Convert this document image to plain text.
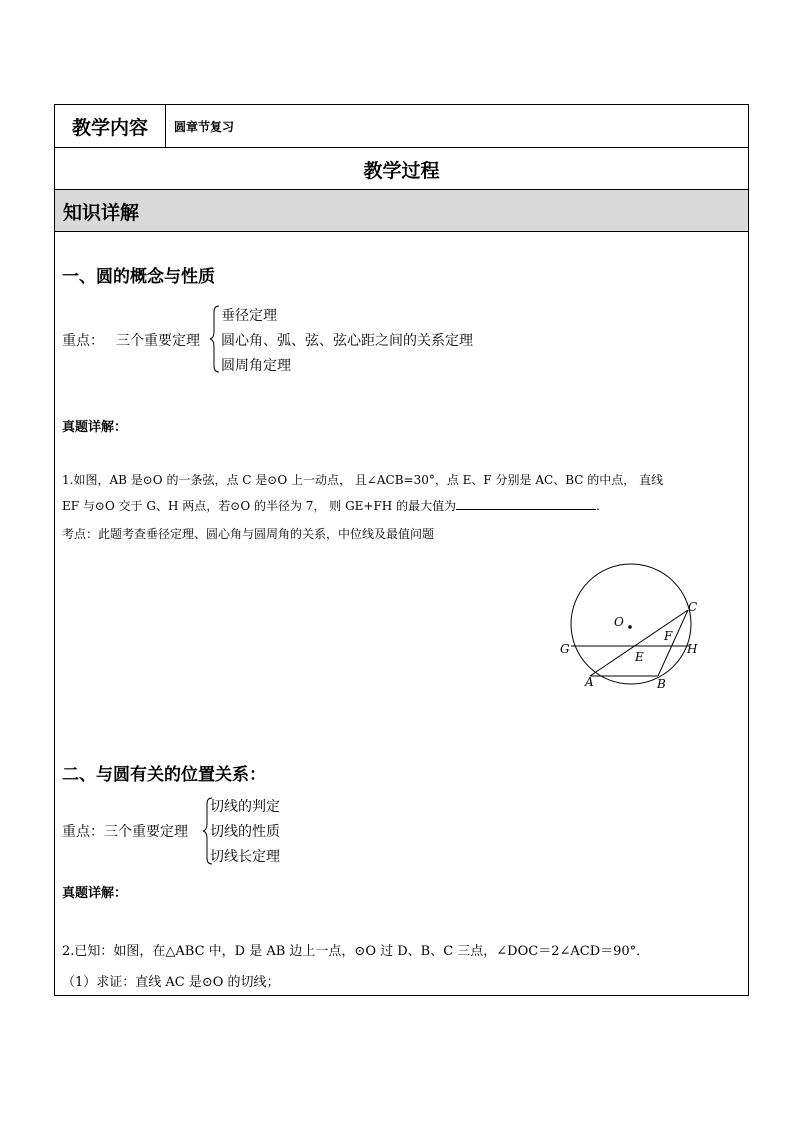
教学内容	圆章节复习
教学过程
知识详解
一、圆的概念与性质
重点： 三个重要定理
垂径定理
圆心角、弧、弦、弦心距之间的关系定理
圆周角定理
真题详解：
1.如图，AB 是⊙O 的一条弦，点 C 是⊙O 上一动点， 且∠ACB=30°，点 E、F 分别是 AC、BC 的中点， 直线
EF 与⊙O 交于 G、H 两点，若⊙O 的半径为 7， 则 GE+FH 的最大值为	.
考点：此题考查垂径定理、圆心角与圆周角的关系，中位线及最值问题
O
C
F
G
E
H
A	B
二、与圆有关的位置关系：
重点：三个重要定理
切线的判定
切线的性质
切线长定理
真题详解：
2.已知：如图，在△ABC 中，D 是 AB 边上一点，⊙O 过 D、B、C 三点，∠DOC＝2∠ACD＝90°．
（1）求证：直线 AC 是⊙O 的切线；
